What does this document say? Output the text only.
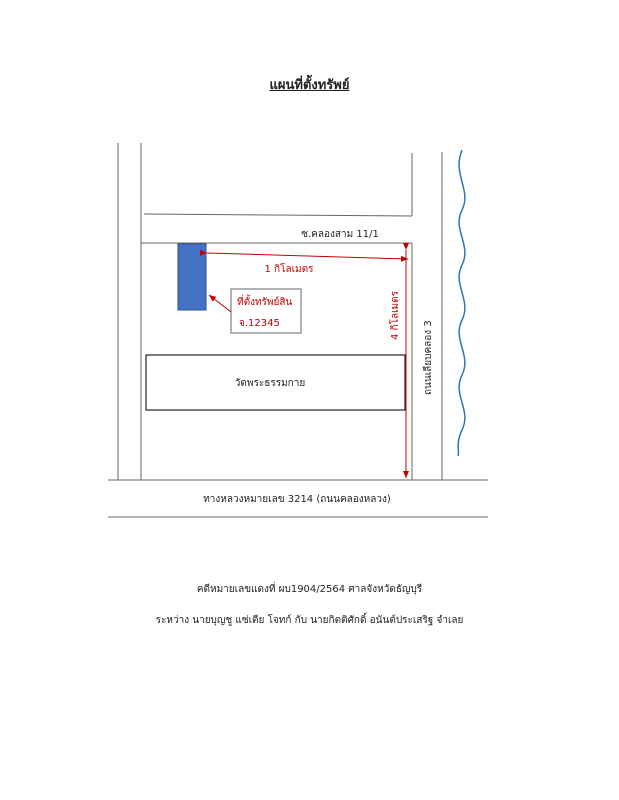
แผนที่ตั้งทรัพย์
วัดพระธรรมกาย
ซ.คลองสาม 11/1
ถนนเลียบคลอง 3
ทางหลวงหมายเลข 3214 (ถนนคลองหลวง)
1 กิโลเมตร
4 กิโลเมตร
ที่ตั้งทรัพย์สิน
จ.12345
คดีหมายเลขแดงที่ ผบ1904/2564 ศาลจังหวัดธัญบุรี
ระหว่าง นายบุญชู แซ่เตีย โจทก์ กับ นายกิตติศักดิ์ อนันต์ประเสริฐ จำเลย
